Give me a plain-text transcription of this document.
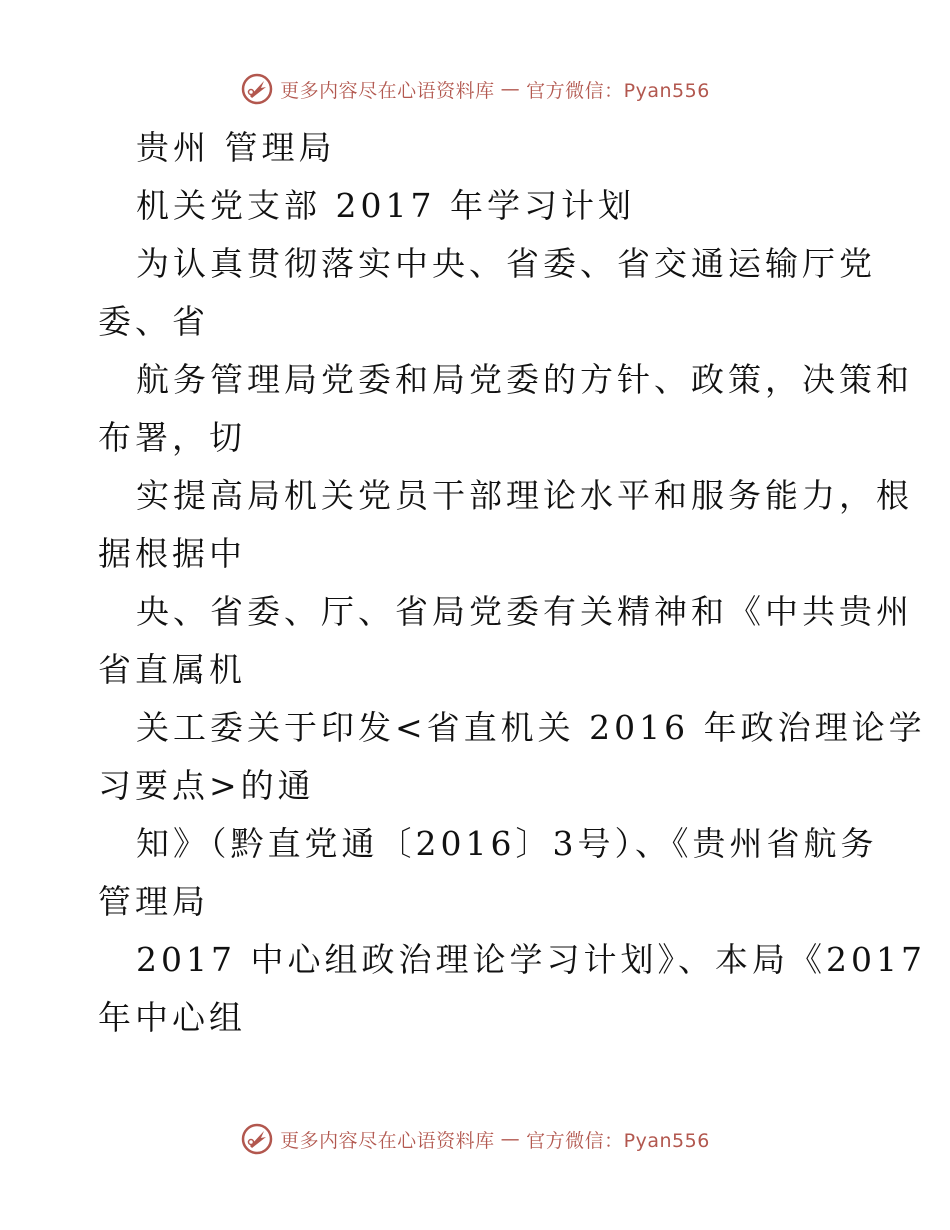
更多内容尽在心语资料库 — 官方微信：Pyan556
贵州 管理局
机关党支部 2017 年学习计划
为认真贯彻落实中央、省委、省交通运输厅党
委、省
航务管理局党委和局党委的方针、政策，决策和
布署，切
实提高局机关党员干部理论水平和服务能力，根
据根据中
央、省委、厅、省局党委有关精神和《中共贵州
省直属机
关工委关于印发<省直机关 2016 年政治理论学
习要点>的通
知》（黔直党通〔2016〕3号）、《贵州省航务
管理局
2017 中心组政治理论学习计划》、本局《2017
年中心组
更多内容尽在心语资料库 — 官方微信：Pyan556
